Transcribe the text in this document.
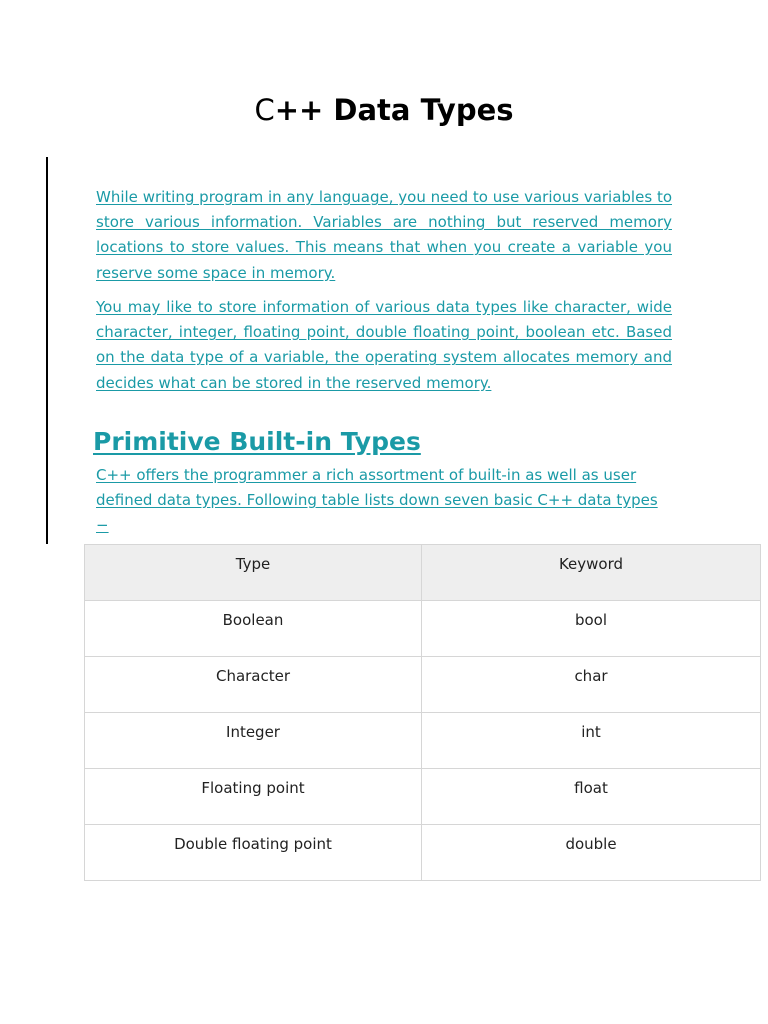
C++ Data Types

While writing program in any language, you need to use various variables to store various information. Variables are nothing but reserved memory locations to store values. This means that when you create a variable you reserve some space in memory.

You may like to store information of various data types like character, wide character, integer, floating point, double floating point, boolean etc. Based on the data type of a variable, the operating system allocates memory and decides what can be stored in the reserved memory.

Primitive Built-in Types

C++ offers the programmer a rich assortment of built-in as well as user defined data types. Following table lists down seven basic C++ data types −

Type	Keyword
Boolean	bool
Character	char
Integer	int
Floating point	float
Double floating point	double
